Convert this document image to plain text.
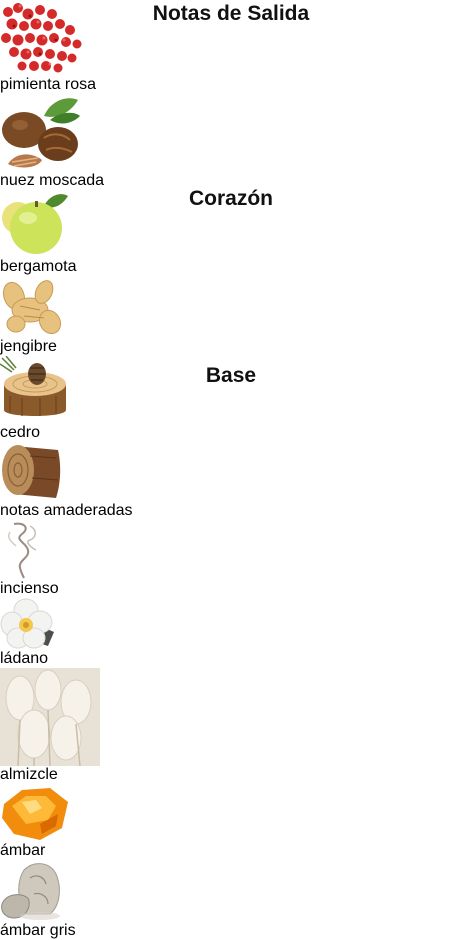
Notas de Salida
pimienta rosa
nuez moscada
bergamota
jengibre
Corazón
cedro
notas amaderadas
incienso
ládano
Base
almizcle
ámbar
ámbar gris
